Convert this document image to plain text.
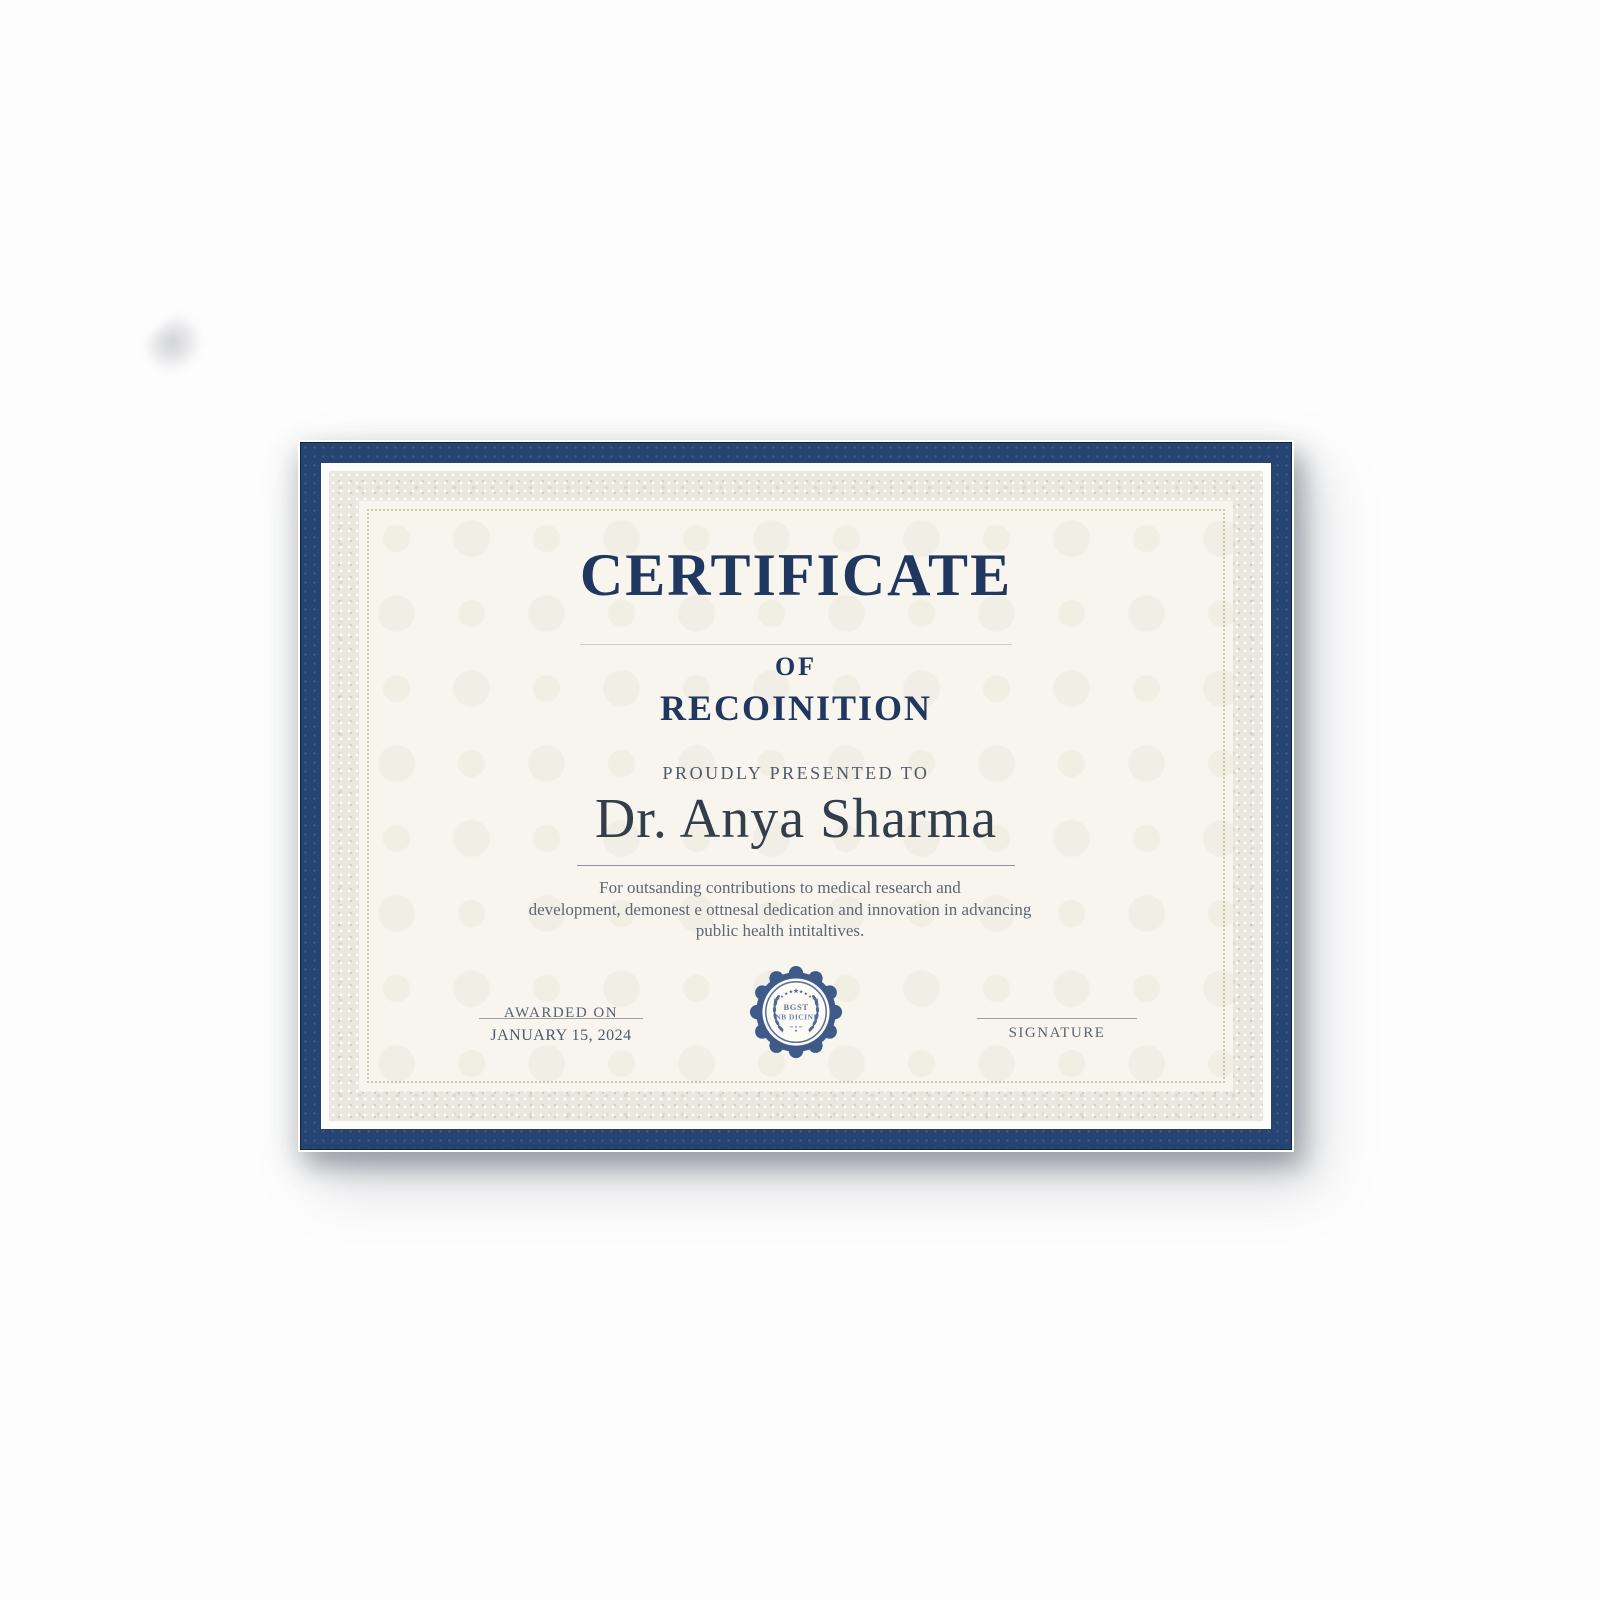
CERTIFICATE
OF
RECOINITION
PROUDLY PRESENTED TO
Dr. Anya Sharma
For outsanding contributions to medical research and
development, demonest e ottnesal dedication and innovation in advancing
public health intitaltives.
AWARDED ON
JANUARY 15, 2024
BGST
NB DICINI
SIGNATURE
